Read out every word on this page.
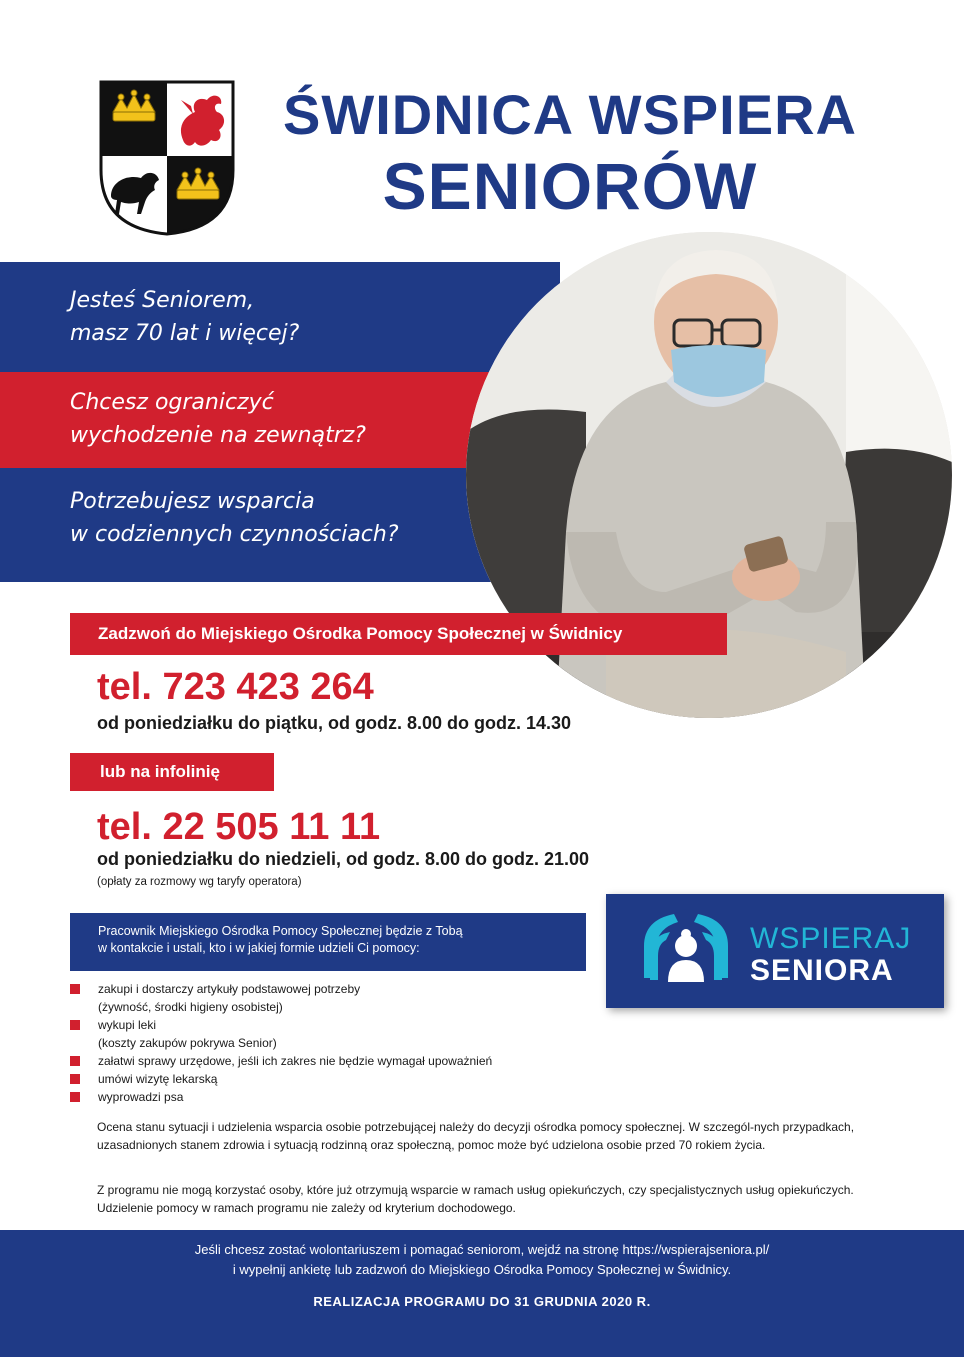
ŚWIDNICA WSPIERA
SENIORÓW
Jesteś Seniorem,
masz 70 lat i więcej?
Chcesz ograniczyć
wychodzenie na zewnątrz?
Potrzebujesz wsparcia
w codziennych czynnościach?
Zadzwoń do Miejskiego Ośrodka Pomocy Społecznej w Świdnicy
tel. 723 423 264
od poniedziałku do piątku, od godz. 8.00 do godz. 14.30
lub na infolinię
tel. 22 505 11 11
od poniedziałku do niedzieli, od godz. 8.00 do godz. 21.00
(opłaty za rozmowy wg taryfy operatora)
Pracownik Miejskiego Ośrodka Pomocy Społecznej będzie z Tobą
w kontakcie i ustali, kto i w jakiej formie udzieli Ci pomocy:	WSPIERAJ
SENIORA
zakupi i dostarczy artykuły podstawowej potrzeby
(żywność, środki higieny osobistej)
wykupi leki
(koszty zakupów pokrywa Senior)
załatwi sprawy urzędowe, jeśli ich zakres nie będzie wymagał upoważnień
umówi wizytę lekarską
wyprowadzi psa
Ocena stanu sytuacji i udzielenia wsparcia osobie potrzebującej należy do decyzji ośrodka pomocy społecznej. W szczegól-nych przypadkach, uzasadnionych stanem zdrowia i sytuacją rodzinną oraz społeczną, pomoc może być udzielona osobie przed 70 rokiem życia.
Z programu nie mogą korzystać osoby, które już otrzymują wsparcie w ramach usług opiekuńczych, czy specjalistycznych usług opiekuńczych. Udzielenie pomocy w ramach programu nie zależy od kryterium dochodowego.
Jeśli chcesz zostać wolontariuszem i pomagać seniorom, wejdź na stronę https://wspierajseniora.pl/
i wypełnij ankietę lub zadzwoń do Miejskiego Ośrodka Pomocy Społecznej w Świdnicy.
REALIZACJA PROGRAMU DO 31 GRUDNIA 2020 R.
